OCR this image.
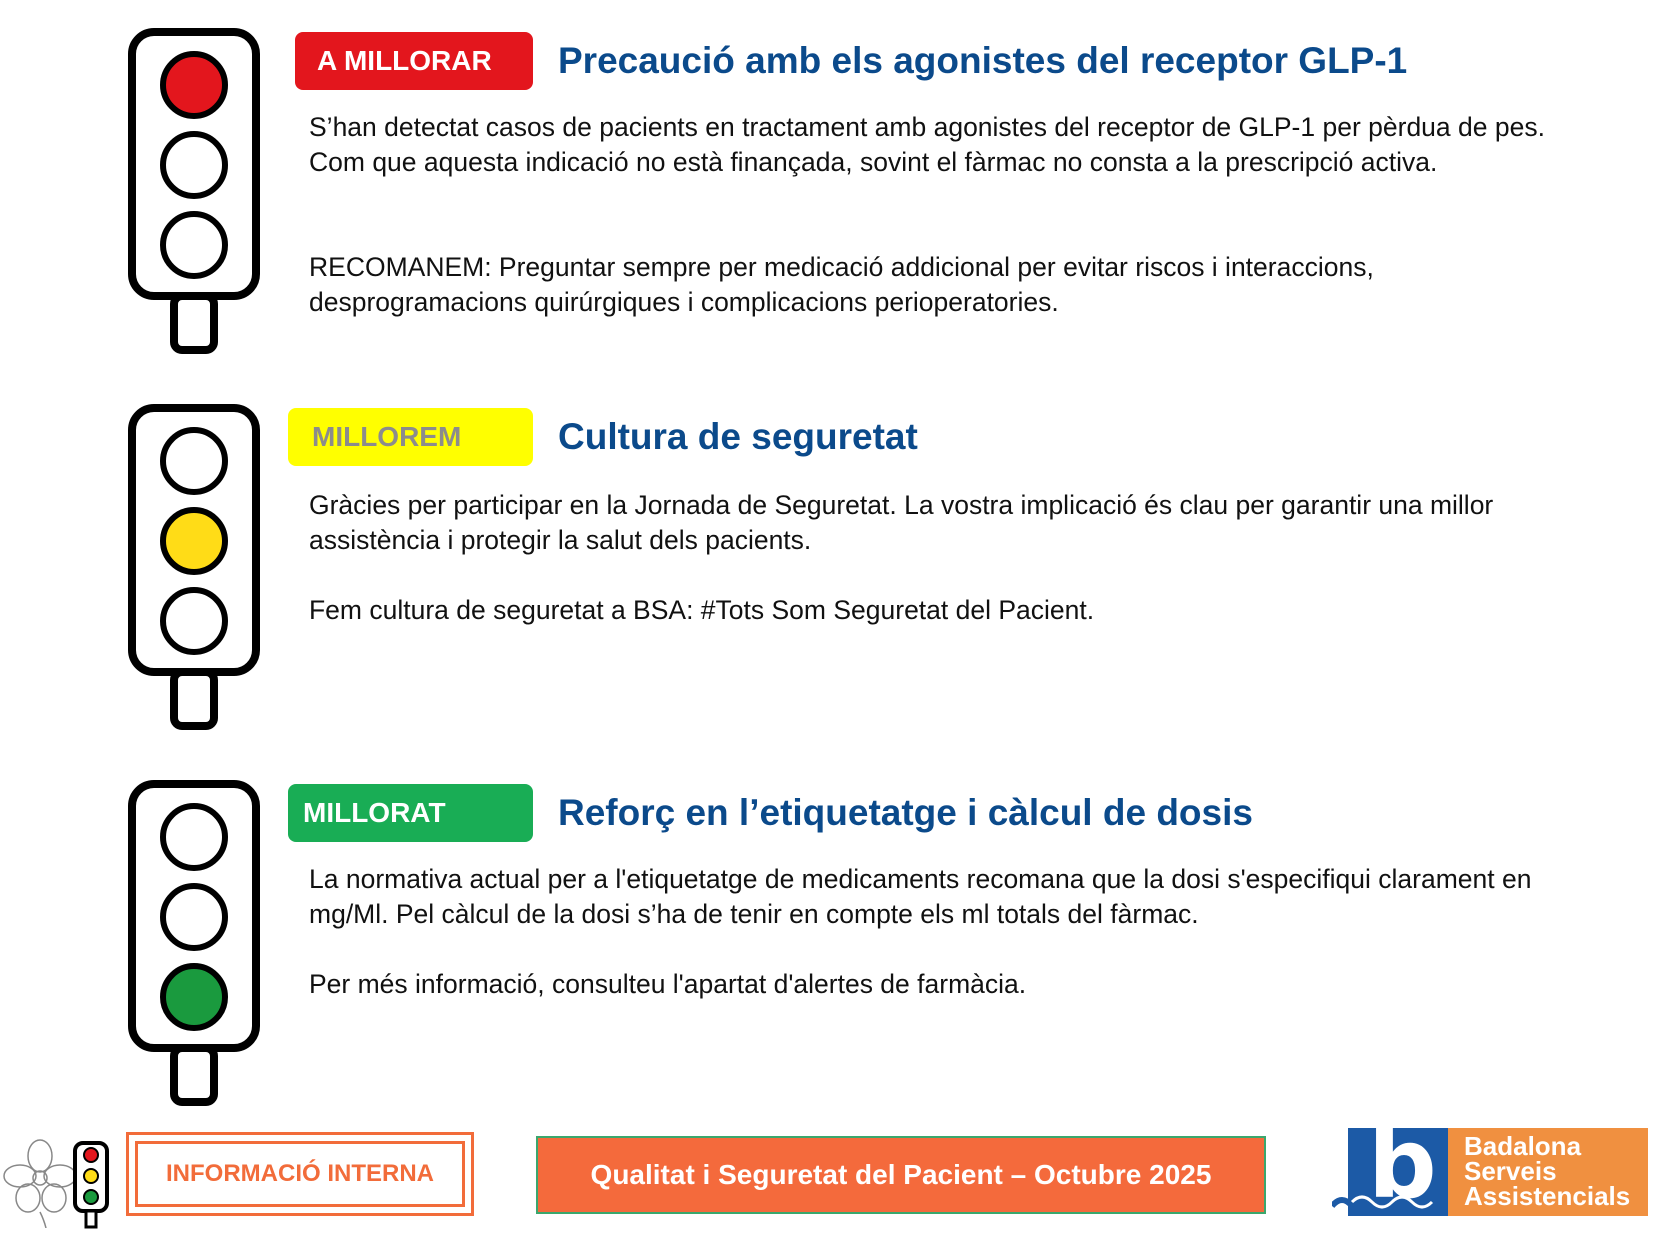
A MILLORAR	Precaució amb els agonistes del receptor GLP-1

S’han detectat casos de pacients en tractament amb agonistes del receptor de GLP-1 per pèrdua de pes. Com que aquesta indicació no està finançada, sovint el fàrmac no consta a la prescripció activa.

RECOMANEM: Preguntar sempre per medicació addicional per evitar riscos i interaccions, desprogramacions quirúrgiques i complicacions perioperatories.

MILLOREM	Cultura de seguretat

Gràcies per participar en la Jornada de Seguretat. La vostra implicació és clau per garantir una millor assistència i protegir la salut dels pacients.

Fem cultura de seguretat a BSA: #Tots Som Seguretat del Pacient.

MILLORAT	Reforç en l’etiquetatge i càlcul de dosis

La normativa actual per a l'etiquetatge de medicaments recomana que la dosi s'especifiqui clarament en mg/Ml. Pel càlcul de la dosi s’ha de tenir en compte els ml totals del fàrmac.

Per més informació, consulteu l'apartat d'alertes de farmàcia.

INFORMACIÓ INTERNA	Qualitat i Seguretat del Pacient – Octubre 2025	b Badalona
Serveis
Assistencials
